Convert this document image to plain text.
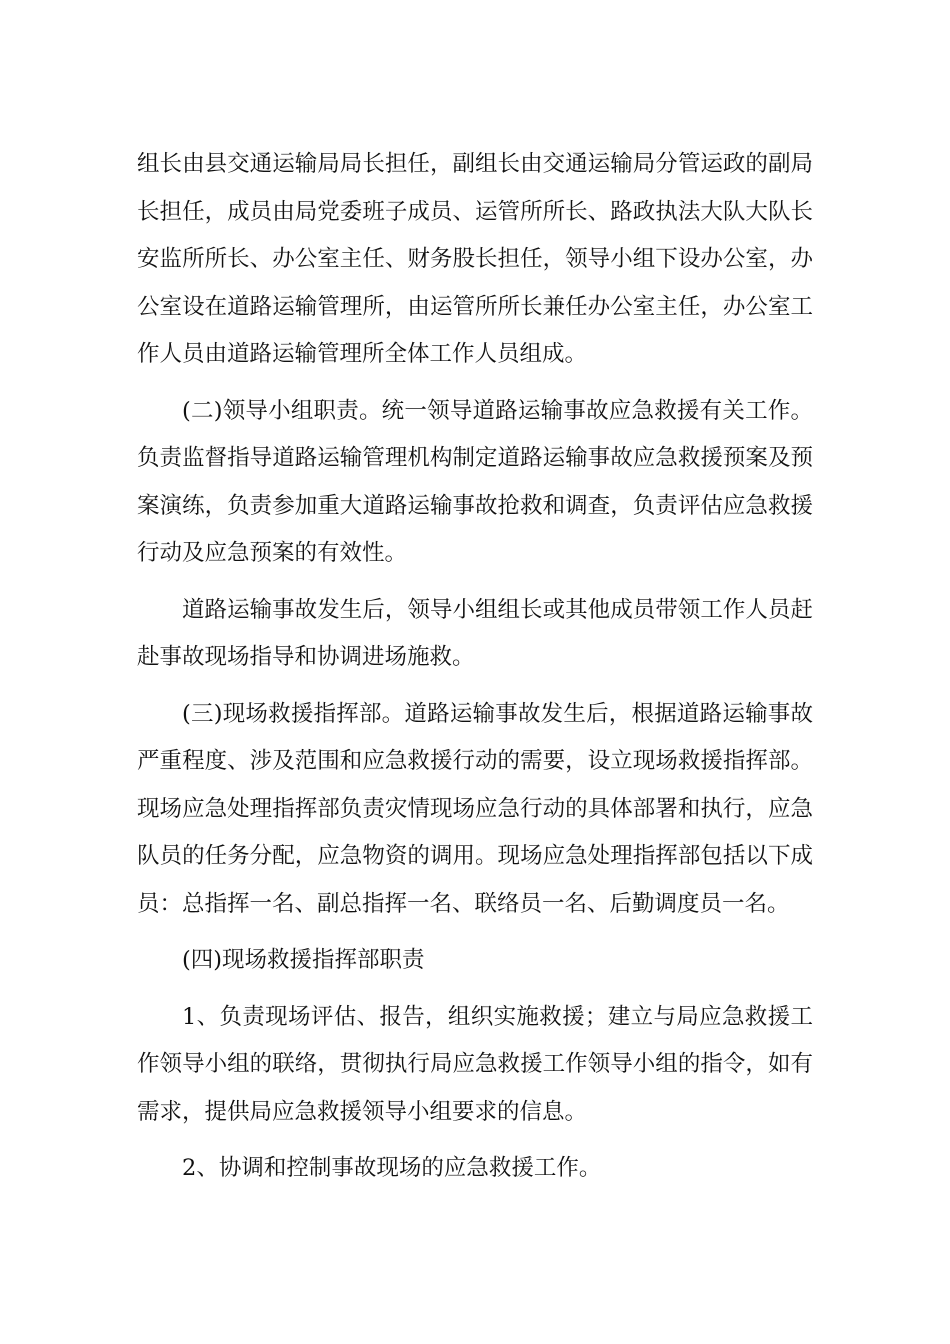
组长由县交通运输局局长担任，副组长由交通运输局分管运政的副局长担任，成员由局党委班子成员、运管所所长、路政执法大队大队长安监所所长、办公室主任、财务股长担任，领导小组下设办公室，办公室设在道路运输管理所，由运管所所长兼任办公室主任，办公室工作人员由道路运输管理所全体工作人员组成。

(二)领导小组职责。统一领导道路运输事故应急救援有关工作。负责监督指导道路运输管理机构制定道路运输事故应急救援预案及预案演练，负责参加重大道路运输事故抢救和调查，负责评估应急救援行动及应急预案的有效性。

道路运输事故发生后，领导小组组长或其他成员带领工作人员赶赴事故现场指导和协调进场施救。

(三)现场救援指挥部。道路运输事故发生后，根据道路运输事故严重程度、涉及范围和应急救援行动的需要，设立现场救援指挥部。现场应急处理指挥部负责灾情现场应急行动的具体部署和执行，应急队员的任务分配，应急物资的调用。现场应急处理指挥部包括以下成员：总指挥一名、副总指挥一名、联络员一名、后勤调度员一名。

(四)现场救援指挥部职责

1、负责现场评估、报告，组织实施救援；建立与局应急救援工作领导小组的联络，贯彻执行局应急救援工作领导小组的指令，如有需求，提供局应急救援领导小组要求的信息。

2、协调和控制事故现场的应急救援工作。
